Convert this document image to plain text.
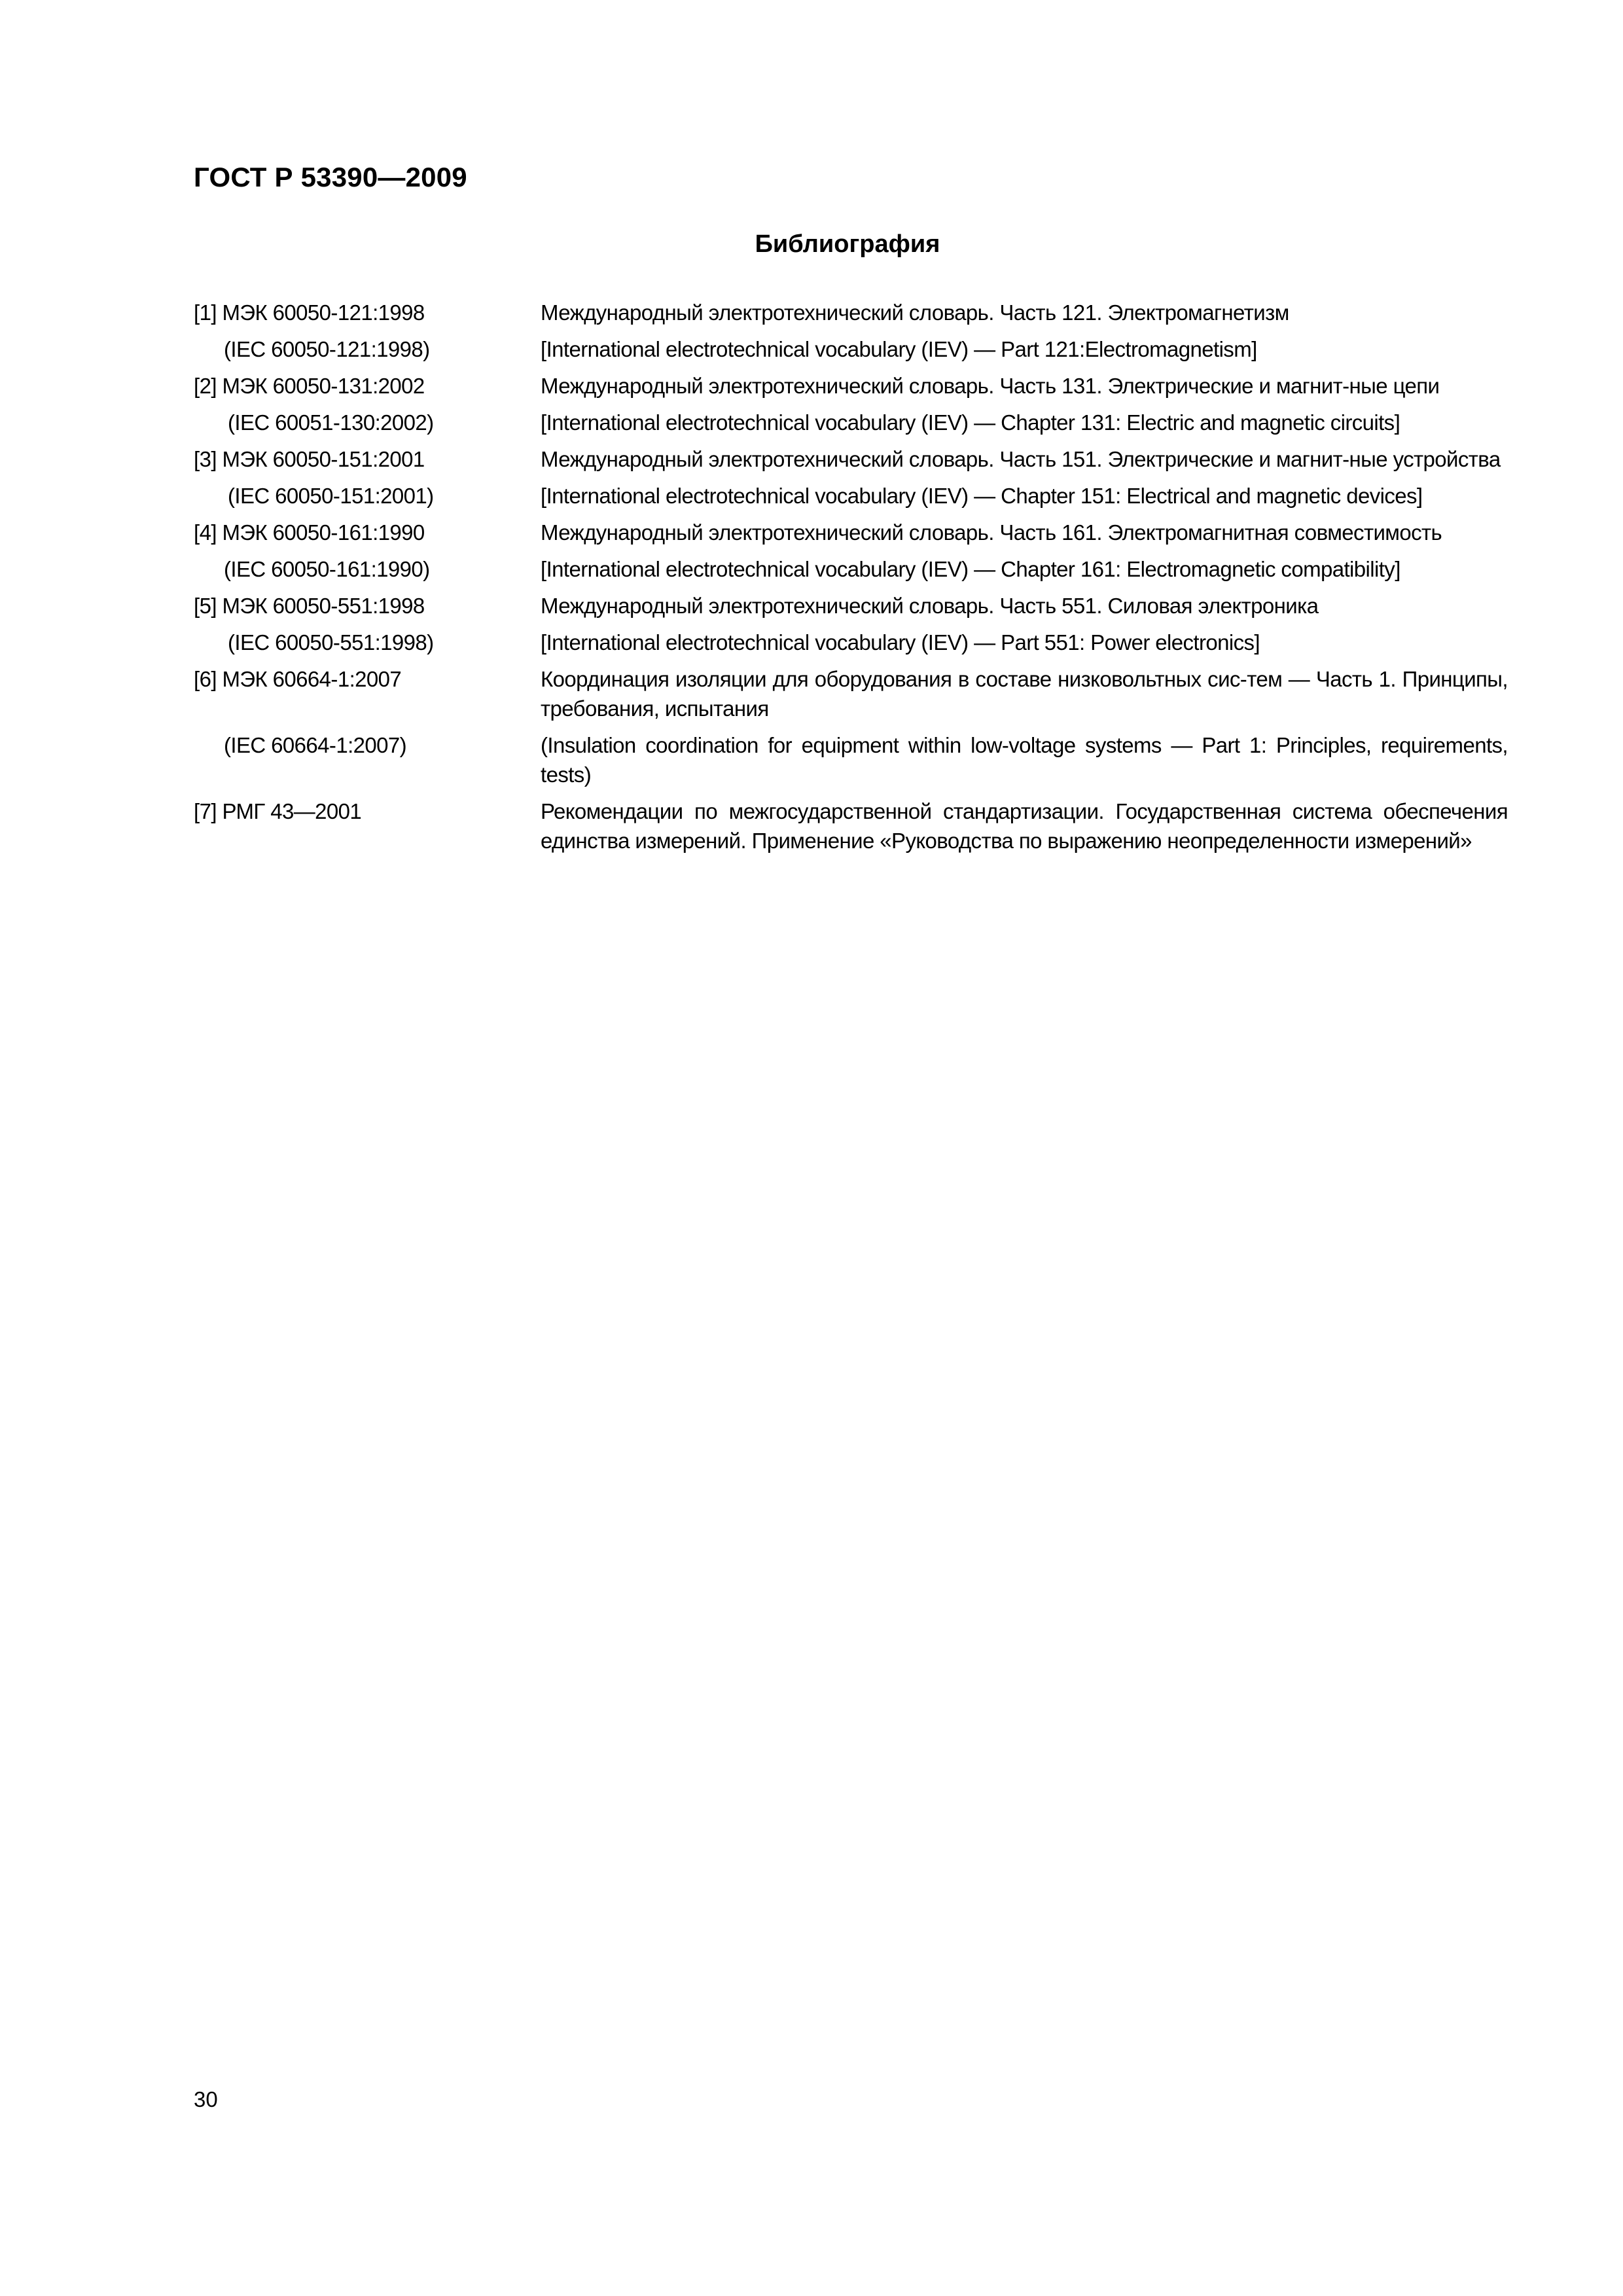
ГОСТ Р 53390—2009
Библиография
[1] МЭК 60050-121:1998	Международный электротехнический словарь. Часть 121. Электромагнетизм
(IEC 60050-121:1998)	[International electrotechnical vocabulary (IEV) — Part 121:Electromagnetism]
[2] МЭК 60050-131:2002	Международный электротехнический словарь. Часть 131. Электрические и магнит-ные цепи
(IEC 60051-130:2002)	[International electrotechnical vocabulary (IEV) — Chapter 131: Electric and magnetic circuits]
[3] МЭК 60050-151:2001	Международный электротехнический словарь. Часть 151. Электрические и магнит-ные устройства
(IEC 60050-151:2001)	[International electrotechnical vocabulary (IEV) — Chapter 151: Electrical and magnetic devices]
[4] МЭК 60050-161:1990	Международный электротехнический словарь. Часть 161. Электромагнитная совместимость
(IEC 60050-161:1990)	[International electrotechnical vocabulary (IEV) — Chapter 161: Electromagnetic compatibility]
[5] МЭК 60050-551:1998	Международный электротехнический словарь. Часть 551. Силовая электроника
(IEC 60050-551:1998)	[International electrotechnical vocabulary (IEV) — Part 551: Power electronics]
[6] МЭК 60664-1:2007	Координация изоляции для оборудования в составе низковольтных сис-тем — Часть 1. Принципы, требования, испытания
(IEC 60664-1:2007)	(Insulation coordination for equipment within low-voltage systems — Part 1: Principles, requirements, tests)
[7] РМГ 43—2001	Рекомендации по межгосударственной стандартизации. Государственная система обеспечения единства измерений. Применение «Руководства по выражению неопределенности измерений»
30
